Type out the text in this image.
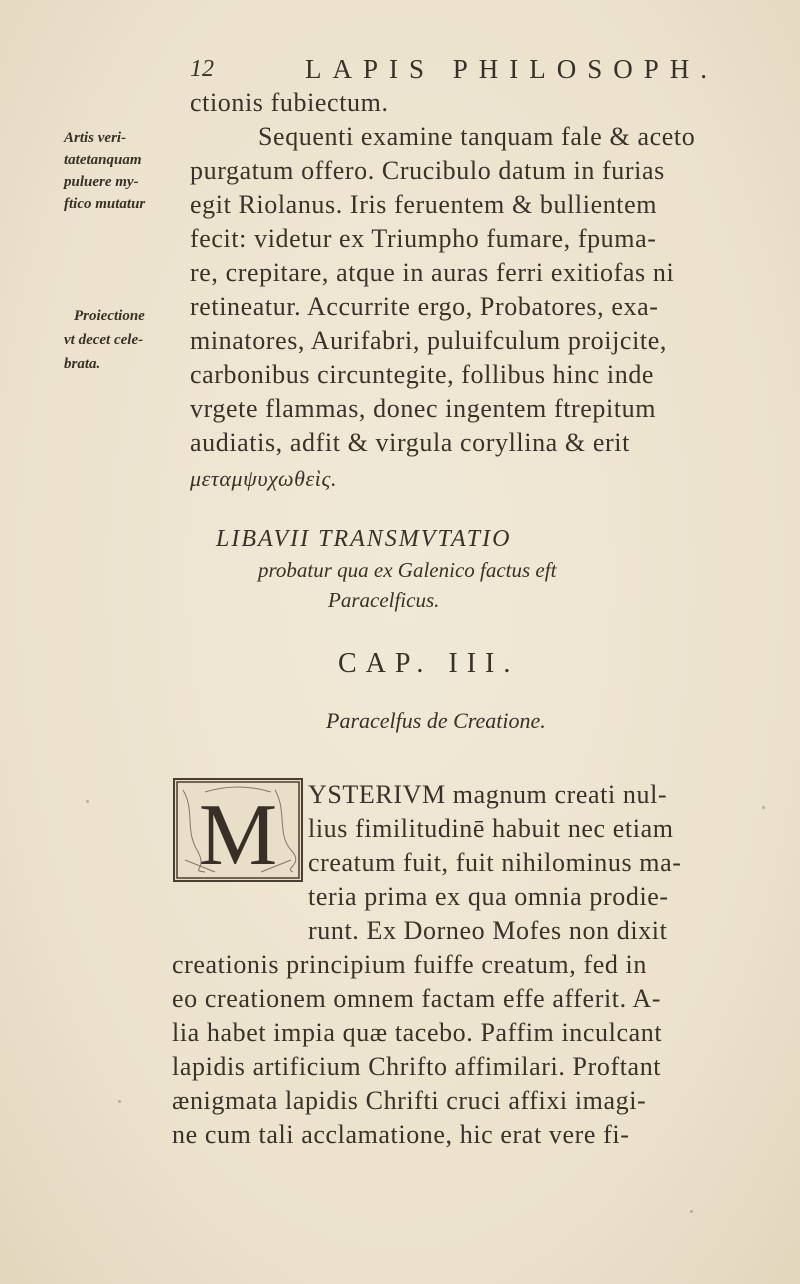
12	LAPIS PHILOSOPH.
ctionis fubiectum.
Sequenti examine tanquam fale & aceto
purgatum offero. Crucibulo datum in furias
egit Riolanus. Iris feruentem & bullientem
fecit: videtur ex Triumpho fumare, fpuma-
re, crepitare, atque in auras ferri exitiofas ni
retineatur. Accurrite ergo, Probatores, exa-
minatores, Aurifabri, puluifculum proijcite,
carbonibus circuntegite, follibus hinc inde
vrgete flammas, donec ingentem ftrepitum
audiatis, adfit & virgula coryllina & erit
μεταμψυχωθεὶς.
Artis veri-
tatetanquam
puluere my-
ftico mutatur
Proiectione
vt decet cele-
brata.
LIBAVII TRANSMVTATIO
probatur qua ex Galenico factus eft
Paracelficus.
CAP. III.
Paracelfus de Creatione.
M YSTERIVM magnum creati nul-
lius fimilitudinē habuit nec etiam
creatum fuit, fuit nihilominus ma-
teria prima ex qua omnia prodie-
runt. Ex Dorneo Mofes non dixit
creationis principium fuiffe creatum, fed in
eo creationem omnem factam effe afferit. A-
lia habet impia quæ tacebo. Paffim inculcant
lapidis artificium Chrifto affimilari. Proftant
ænigmata lapidis Chrifti cruci affixi imagi-
ne cum tali acclamatione, hic erat vere fi-
